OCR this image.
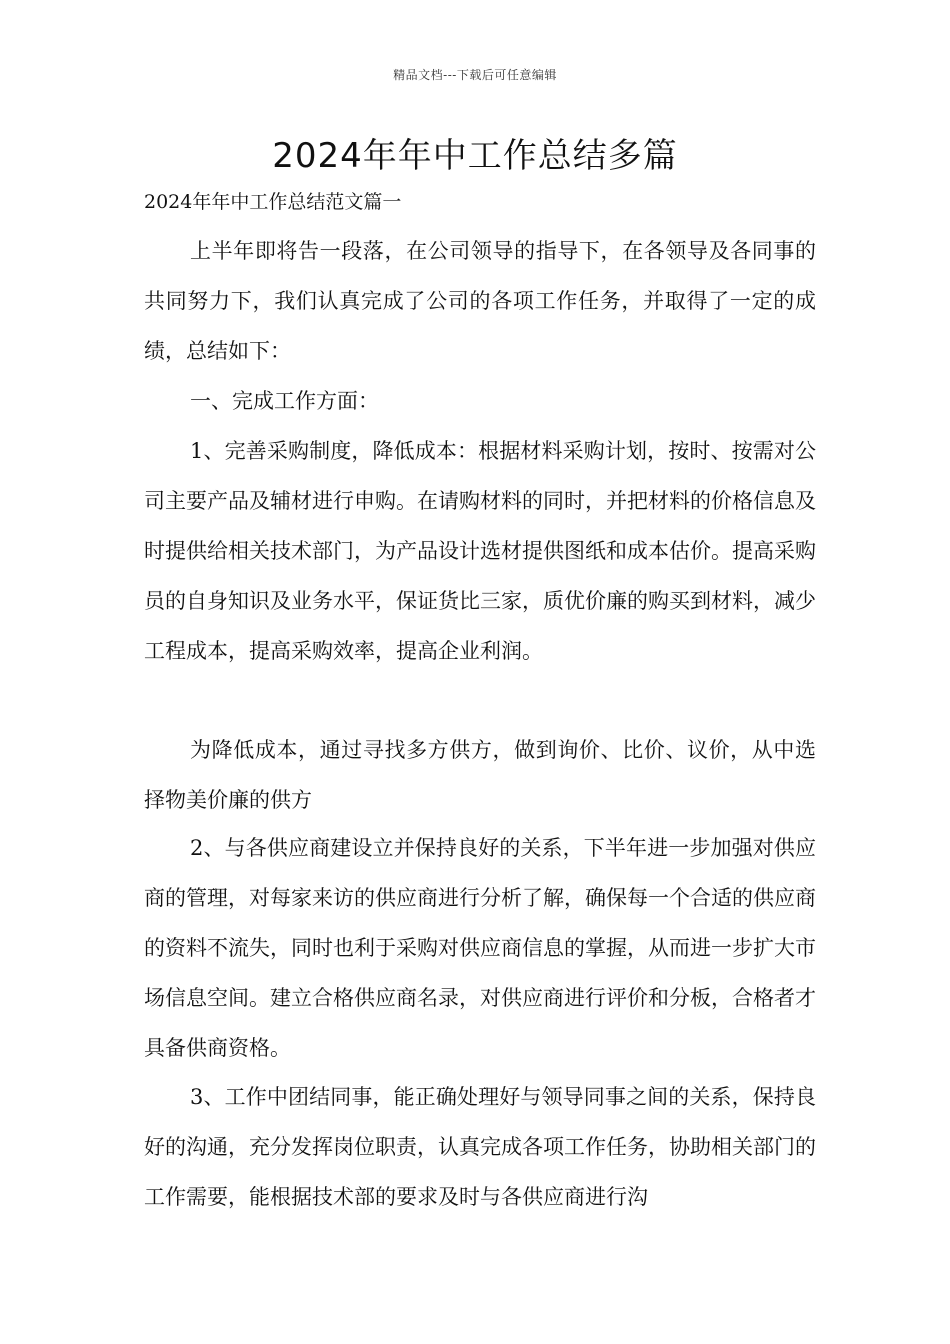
精品文档---下载后可任意编辑
2024年年中工作总结多篇

2024年年中工作总结范文篇一

上半年即将告一段落，在公司领导的指导下，在各领导及各同事的共同努力下，我们认真完成了公司的各项工作任务，并取得了一定的成绩，总结如下：

一、完成工作方面：

1、完善采购制度，降低成本：根据材料采购计划，按时、按需对公司主要产品及辅材进行申购。在请购材料的同时，并把材料的价格信息及时提供给相关技术部门，为产品设计选材提供图纸和成本估价。提高采购员的自身知识及业务水平，保证货比三家，质优价廉的购买到材料，减少工程成本，提高采购效率，提高企业利润。

为降低成本，通过寻找多方供方，做到询价、比价、议价，从中选择物美价廉的供方

2、与各供应商建设立并保持良好的关系，下半年进一步加强对供应商的管理，对每家来访的供应商进行分析了解，确保每一个合适的供应商的资料不流失，同时也利于采购对供应商信息的掌握，从而进一步扩大市场信息空间。建立合格供应商名录，对供应商进行评价和分板，合格者才具备供商资格。

3、工作中团结同事，能正确处理好与领导同事之间的关系，保持良好的沟通，充分发挥岗位职责，认真完成各项工作任务，协助相关部门的工作需要，能根据技术部的要求及时与各供应商进行沟
